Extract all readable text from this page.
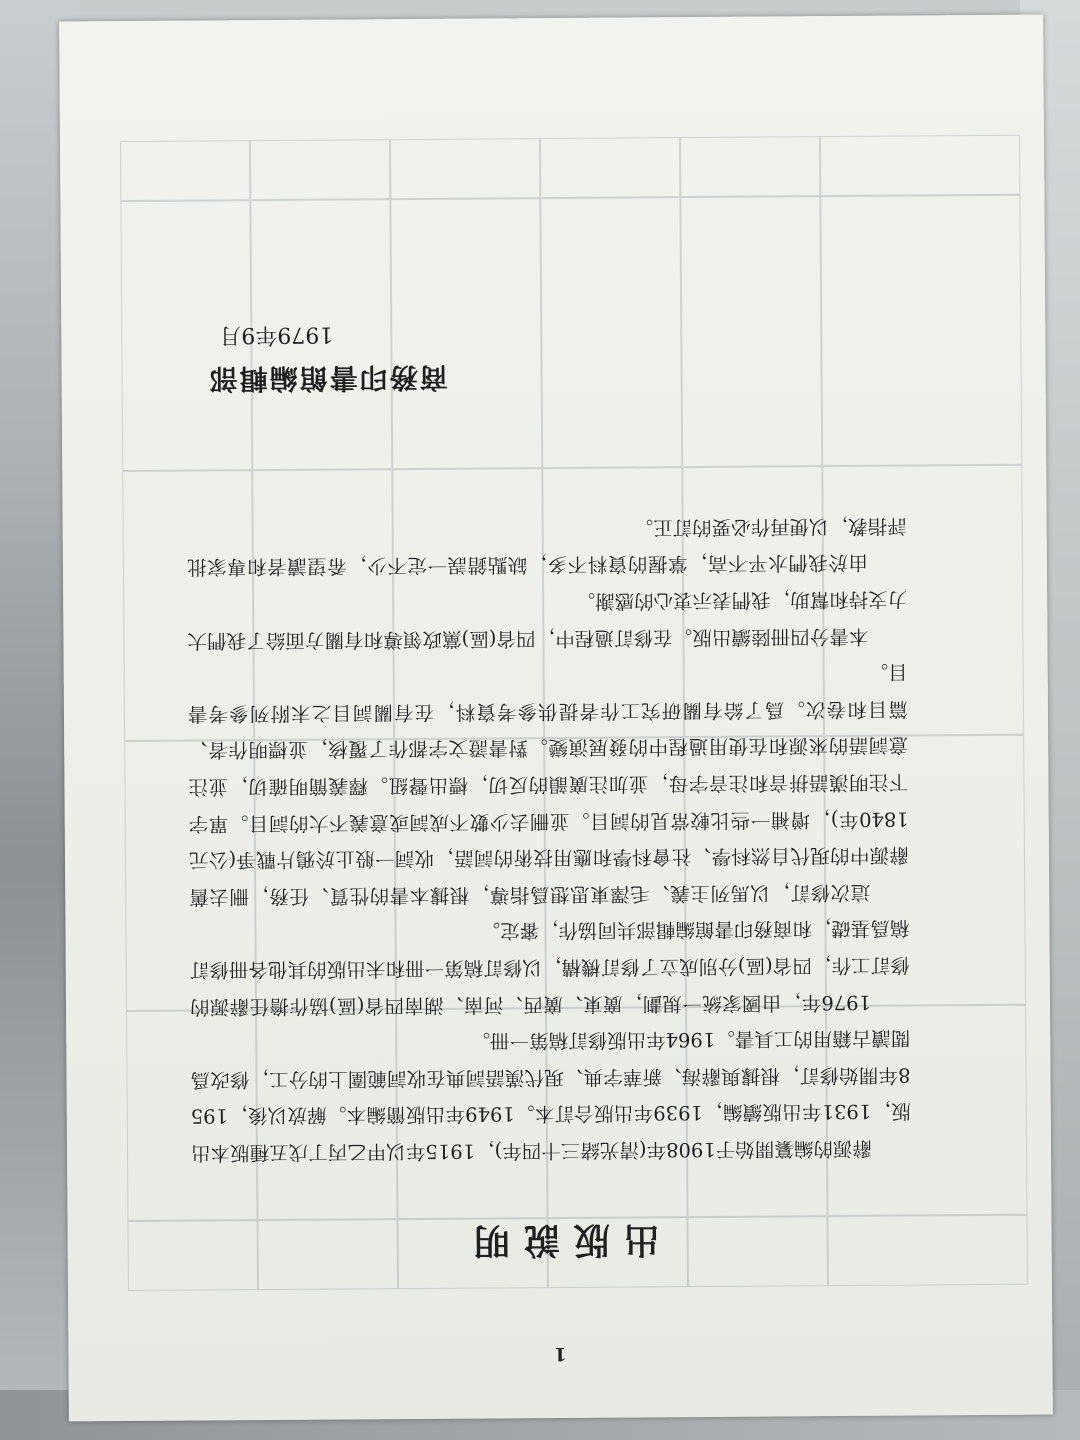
1
出版說明

辭源的編纂開始于1908年(清光緒三十四年)，1915年以甲乙丙丁戊五種版本出版，1931年出版續編，1939年出版合訂本。1949年出版簡編本。解放以後，1958年開始修訂，根據與辭海、新華字典、現代漢語詞典在收詞範圍上的分工，修改爲閲讀古籍用的工具書。1964年出版修訂稿第一冊。

1976年，由國家統一規劃，廣東、廣西、河南、湖南四省(區)協作擔任辭源的修訂工作，四省(區)分別成立了修訂機構，以修訂稿第一冊和未出版的其他各冊修訂稿爲基礎，和商務印書館編輯部共同協作，審定。

這次修訂，以馬列主義、毛澤東思想爲指導，根據本書的性質、任務，刪去舊辭源中的現代自然科學、社會科學和應用技術的詞語，收詞一般止於鴉片戰爭(公元1840年)，增補一些比較常見的詞目。並刪去少數不成詞或意義不大的詞目。單字下注明漢語拼音和注音字母，並加注廣韻的反切，標出聲紐。釋義簡明確切，並注意詞語的來源和在使用過程中的發展演變。對書證文字都作了覆核，並標明作者、篇目和卷次。爲了給有關研究工作者提供參考資料，在有關詞目之末附列參考書目。

本書分四冊陸續出版。在修訂過程中，四省(區)黨政領導和有關方面給了我們大力支持和幫助，我們表示衷心的感謝。

由於我們水平不高，掌握的資料不多，缺點錯誤一定不少，希望讀者和專家批評指教，以便再作必要的訂正。

商務印書館編輯部

1979年9月
